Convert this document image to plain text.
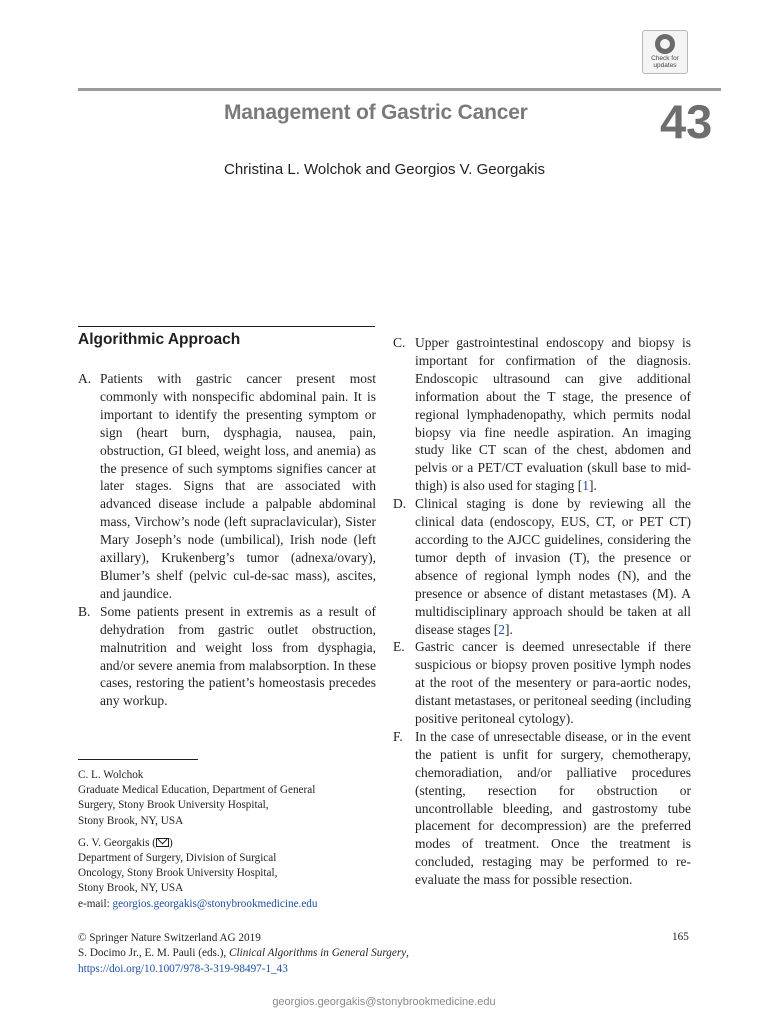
Check for
updates
Management of Gastric Cancer	43
Christina L. Wolchok and Georgios V. Georgakis
Algorithmic Approach
A. Patients with gastric cancer present most commonly with nonspecific abdominal pain. It is important to identify the presenting symptom or sign (heart burn, dysphagia, nausea, pain, obstruction, GI bleed, weight loss, and anemia) as the presence of such symptoms signifies cancer at later stages. Signs that are associated with advanced disease include a palpable abdominal mass, Virchow’s node (left supraclavicular), Sister Mary Joseph’s node (umbilical), Irish node (left axillary), Krukenberg’s tumor (adnexa/ovary), Blumer’s shelf (pelvic cul-de-sac mass), ascites, and jaundice.
B. Some patients present in extremis as a result of dehydration from gastric outlet obstruction, malnutrition and weight loss from dysphagia, and/or severe anemia from malabsorption. In these cases, restoring the patient’s homeostasis precedes any workup.
C. Upper gastrointestinal endoscopy and biopsy is important for confirmation of the diagnosis. Endoscopic ultrasound can give additional information about the T stage, the presence of regional lymphadenopathy, which permits nodal biopsy via fine needle aspiration. An imaging study like CT scan of the chest, abdomen and pelvis or a PET/CT evaluation (skull base to mid-thigh) is also used for staging [1].
D. Clinical staging is done by reviewing all the clinical data (endoscopy, EUS, CT, or PET CT) according to the AJCC guidelines, considering the tumor depth of invasion (T), the presence or absence of regional lymph nodes (N), and the presence or absence of distant metastases (M). A multidisciplinary approach should be taken at all disease stages [2].
E. Gastric cancer is deemed unresectable if there suspicious or biopsy proven positive lymph nodes at the root of the mesentery or para-aortic nodes, distant metastases, or peritoneal seeding (including positive peritoneal cytology).
F. In the case of unresectable disease, or in the event the patient is unfit for surgery, chemotherapy, chemoradiation, and/or palliative procedures (stenting, resection for obstruction or uncontrollable bleeding, and gastrostomy tube placement for decompression) are the preferred modes of treatment. Once the treatment is concluded, restaging may be performed to re-evaluate the mass for possible resection.
C. L. Wolchok
Graduate Medical Education, Department of General
Surgery, Stony Brook University Hospital,
Stony Brook, NY, USA
G. V. Georgakis ( )
Department of Surgery, Division of Surgical
Oncology, Stony Brook University Hospital,
Stony Brook, NY, USA
e-mail: georgios.georgakis@stonybrookmedicine.edu
© Springer Nature Switzerland AG 2019
S. Docimo Jr., E. M. Pauli (eds.), Clinical Algorithms in General Surgery,
https://doi.org/10.1007/978-3-319-98497-1_43
165
georgios.georgakis@stonybrookmedicine.edu
